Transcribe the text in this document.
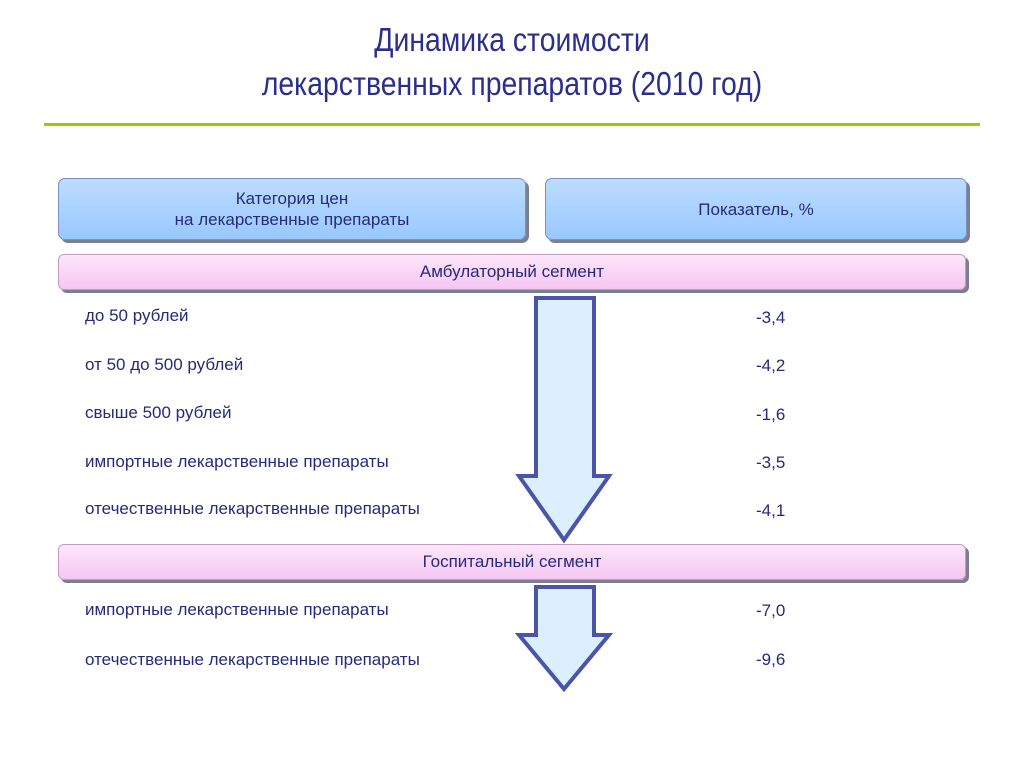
Динамика стоимости
лекарственных препаратов (2010 год)
Категория цен
на лекарственные препараты
Показатель, %
Амбулаторный сегмент
до 50 рублей	-3,4
от 50 до 500 рублей	-4,2
свыше 500 рублей	-1,6
импортные лекарственные препараты	-3,5
отечественные лекарственные препараты	-4,1
Госпитальный сегмент
импортные лекарственные препараты	-7,0
отечественные лекарственные препараты	-9,6
